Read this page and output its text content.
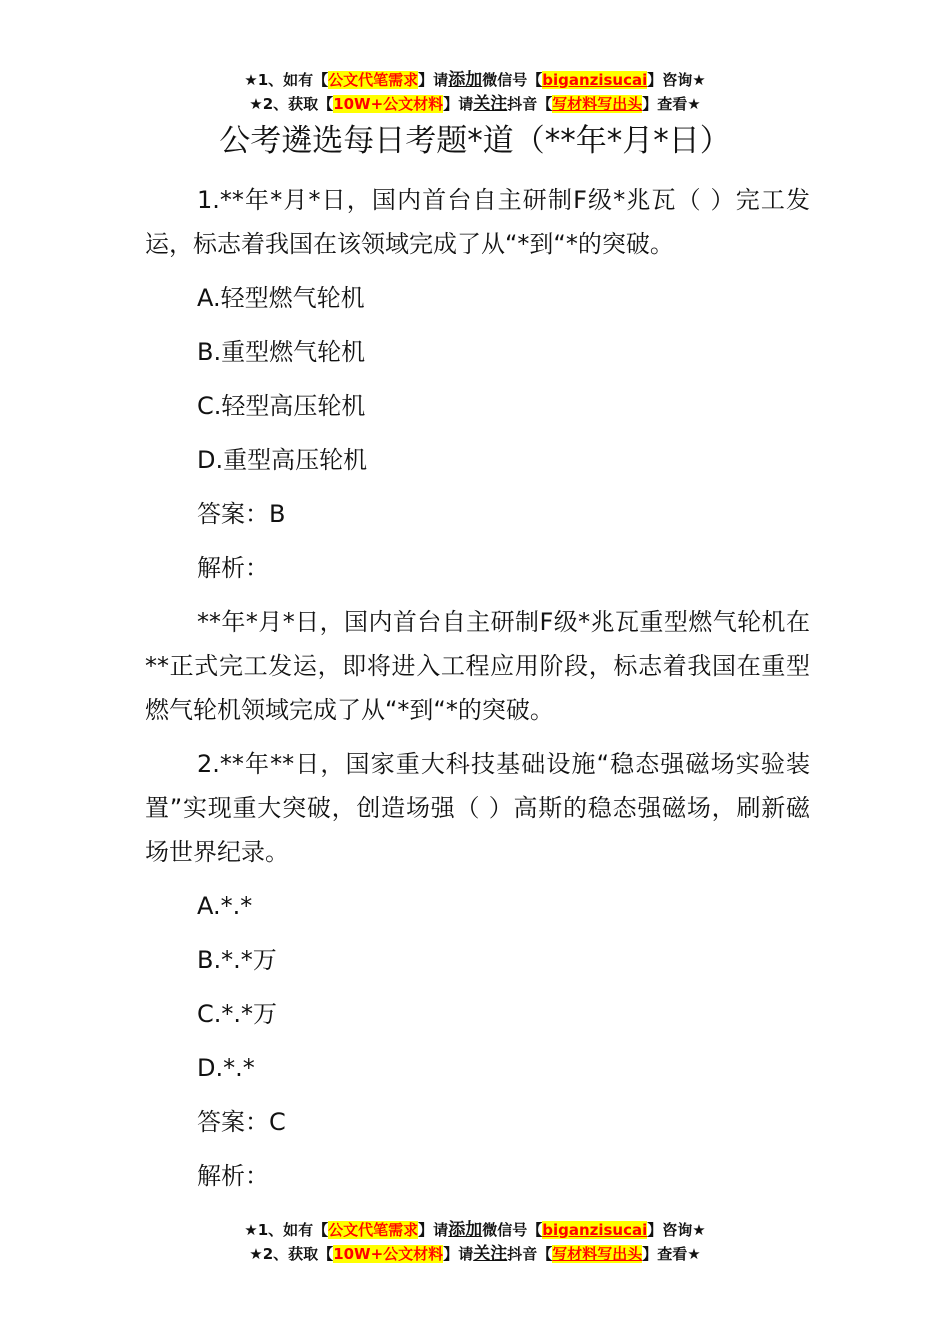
★1、如有【公文代笔需求】请添加微信号【biganzisucai】咨询★
★2、获取【10W+公文材料】请关注抖音【写材料写出头】查看★
公考遴选每日考题*道（**年*月*日）

1.**年*月*日，国内首台自主研制F级*兆瓦（ ）完工发运，标志着我国在该领域完成了从“*到“*的突破。

A.轻型燃气轮机

B.重型燃气轮机

C.轻型高压轮机

D.重型高压轮机

答案：B

解析：

**年*月*日，国内首台自主研制F级*兆瓦重型燃气轮机在**正式完工发运，即将进入工程应用阶段，标志着我国在重型燃气轮机领域完成了从“*到“*的突破。

2.**年**日，国家重大科技基础设施“稳态强磁场实验装置”实现重大突破，创造场强（ ）高斯的稳态强磁场，刷新磁场世界纪录。

A.*.*

B.*.*万

C.*.*万

D.*.*

答案：C

解析：

★1、如有【公文代笔需求】请添加微信号【biganzisucai】咨询★
★2、获取【10W+公文材料】请关注抖音【写材料写出头】查看★
